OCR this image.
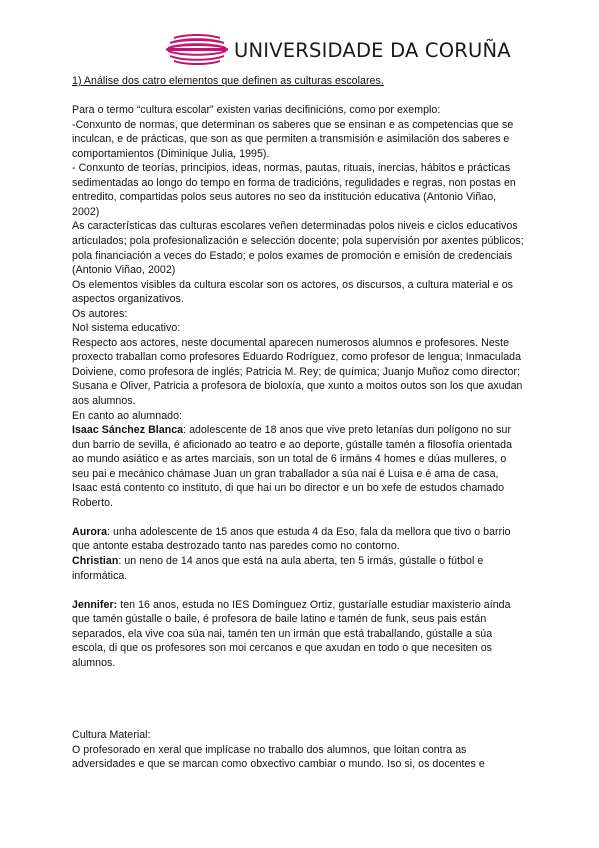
UNIVERSIDADE DA CORUÑA

1) Análise dos catro elementos que definen as culturas escolares.

Para o termo “cultura escolar” existen varias decifinicións, como por exemplo:

-Conxunto de normas, que determinan os saberes que se ensinan e as competencias que se inculcan, e de prácticas, que son as que permiten a transmisión e asimilación dos saberes e comportamientos (Diminique Julia, 1995).

- Conxunto de teorías, principios, ideas, normas, pautas, rituais, inercias, hábitos e prácticas sedimentadas ao longo do tempo en forma de tradicións, regulidades e regras, non postas en entredito, compartidas polos seus autores no seo da institución educativa (Antonio Viñao, 2002)

As características das culturas escolares veñen determinadas polos niveis e ciclos educativos articulados; pola profesionalización e selección docente; pola supervisión por axentes públicos; pola financiación a veces do Estado; e polos exames de promoción e emisión de credenciais (Antonio Viñao, 2002)

Os elementos visibles da cultura escolar son os actores, os discursos, a cultura material e os aspectos organizativos.

Os autores:

NoI sistema educativo:

Respecto aos actores, neste documental aparecen numerosos alumnos e profesores. Neste proxecto traballan como profesores Eduardo Rodríguez, como profesor de lengua; Inmaculada Doiviene, como profesora de inglés; Patricia M. Rey; de química; Juanjo Muñoz como director; Susana e Oliver, Patricia a profesora de bioloxía, que xunto a moitos outos son los que axudan aos alumnos.

En canto ao alumnado:

Isaac Sánchez Blanca: adolescente de 18 anos que vive preto letanías dun polígono no sur dun barrio de sevilla, é aficionado ao teatro e ao deporte, gústalle tamén a filosofía orientada ao mundo asiático e as artes marciais, son un total de 6 irmáns 4 homes e dúas mulleres, o seu pai e mecánico chámase Juan un gran traballador a súa nai é Luisa e é ama de casa, Isaac está contento co instituto, di que hai un bo director e un bo xefe de estudos chamado Roberto.

Aurora: unha adolescente de 15 anos que estuda 4 da Eso, fala da mellora que tivo o barrio que antonte estaba destrozado tanto nas paredes como no contorno.

Christian: un neno de 14 anos que está na aula aberta, ten 5 irmás, gústalle o fútbol e informática.

Jennifer: ten 16 anos, estuda no IES Domínguez Ortiz, gustaríalle estudiar maxisterio aínda que tamén gústalle o baile, é profesora de baile latino e tamén de funk, seus pais están separados, ela vive coa súa nai, tamén ten un irmán que está traballando, gústalle a súa escola, di que os profesores son moi cercanos e que axudan en todo o que necesiten os alumnos.

Cultura Material:

O profesorado en xeral que implícase no traballo dos alumnos, que loitan contra as adversidades e que se marcan como obxectivo cambiar o mundo. Iso si, os docentes e
